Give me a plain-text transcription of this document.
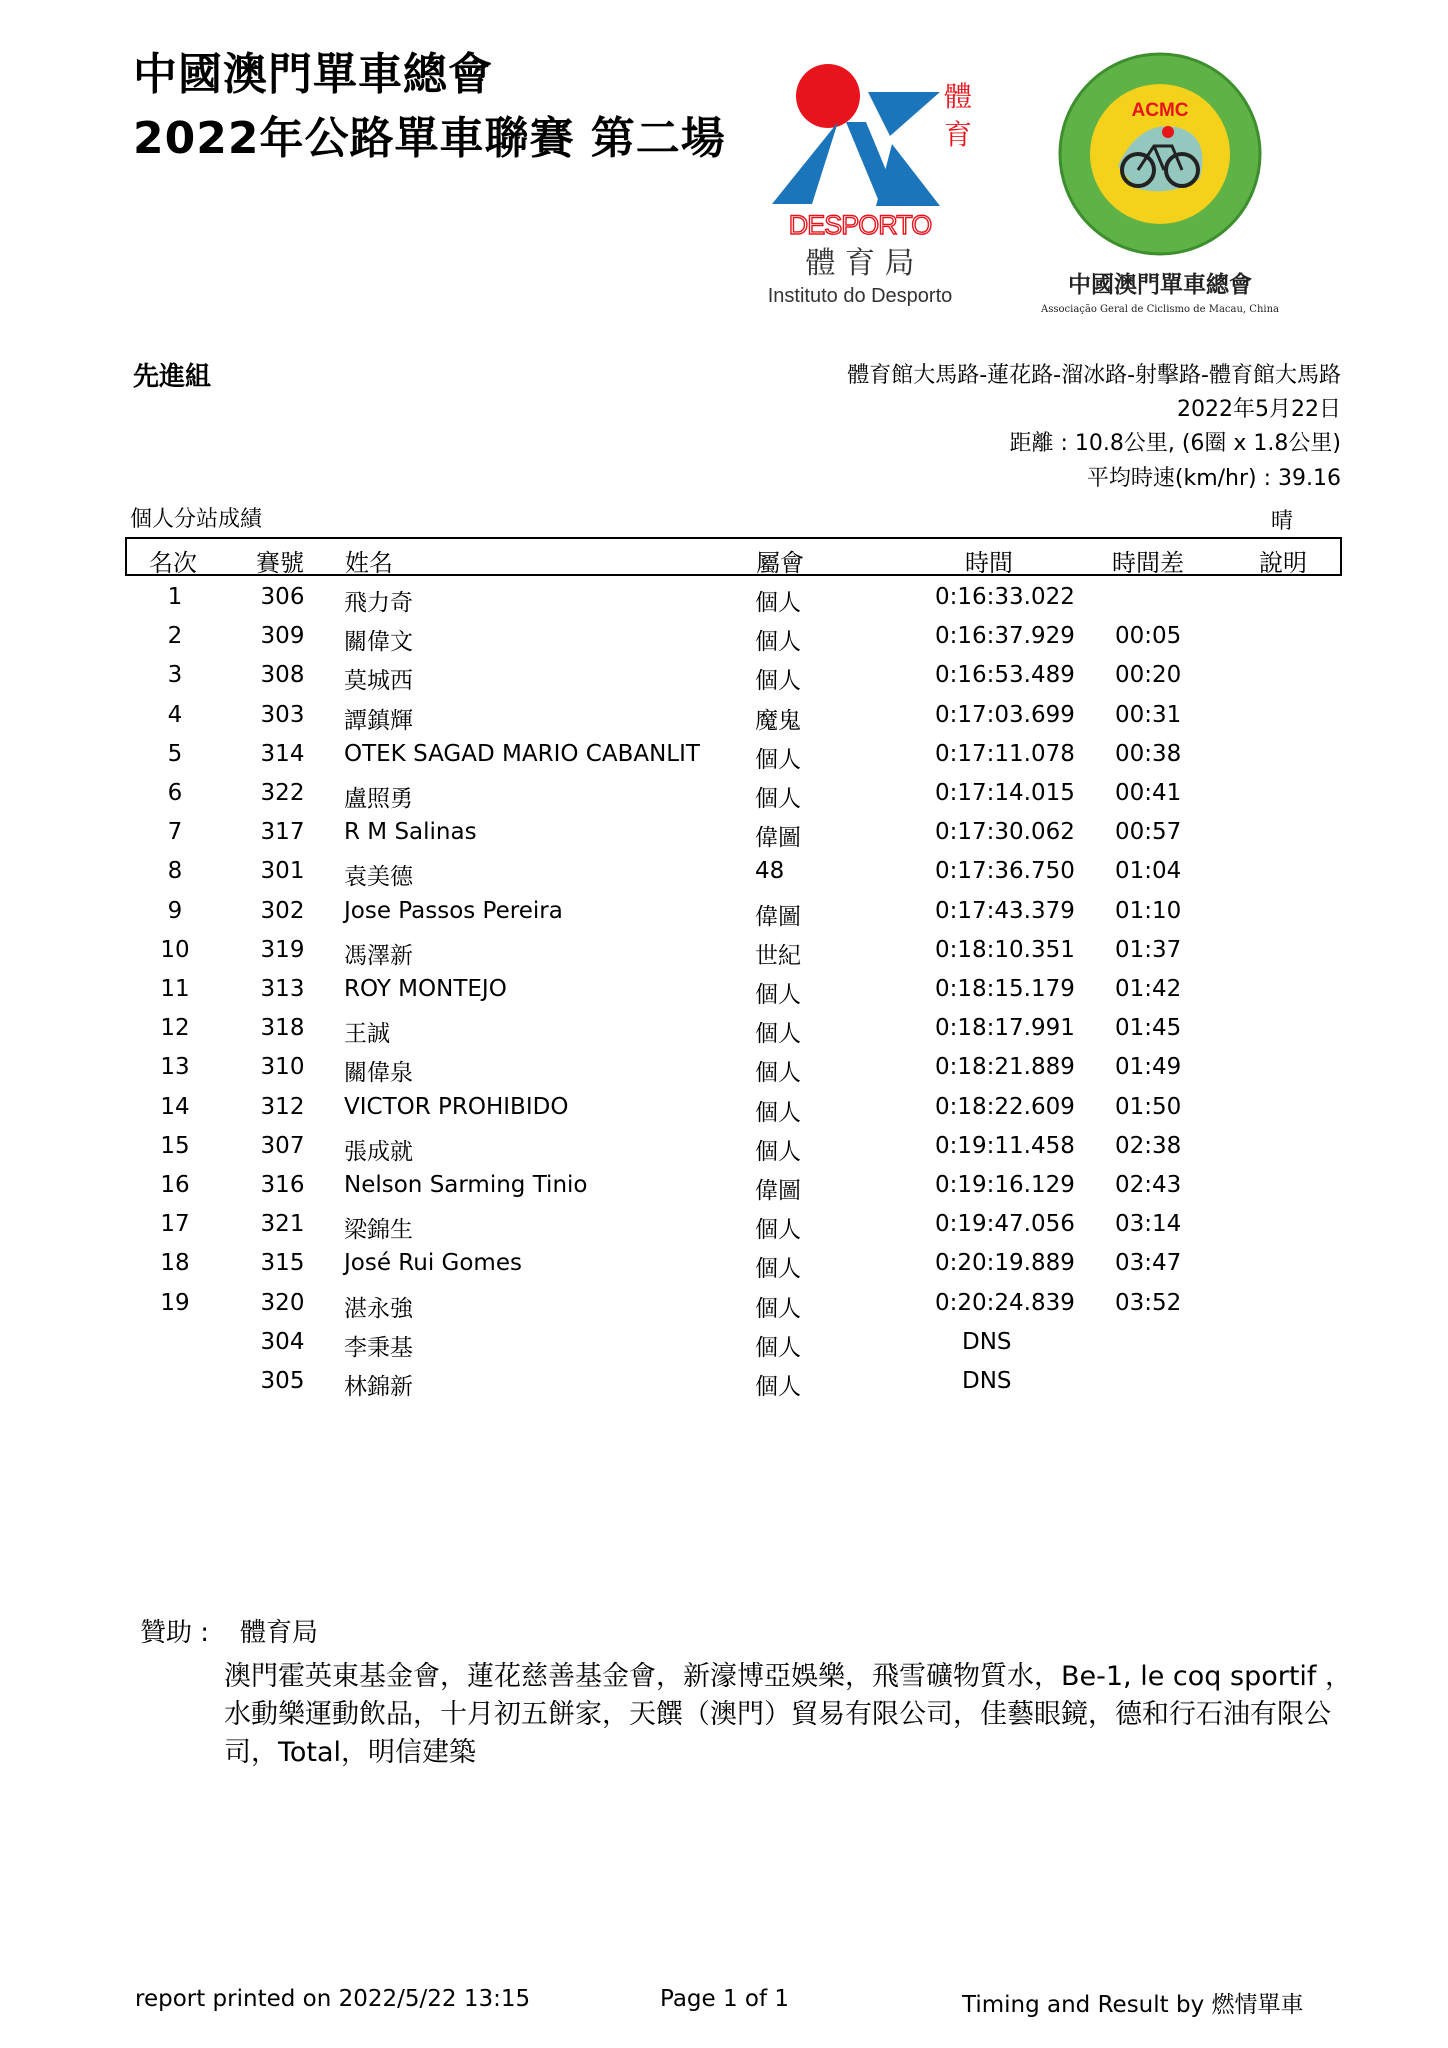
中國澳門單車總會
2022年公路單車聯賽 第二場
體
育
DESPORTO
體 育 局
Instituto do Desporto
ACMC
中國澳門單車總會
Associação Geral de Ciclismo de Macau, China
先進組	體育館大馬路-蓮花路-溜冰路-射擊路-體育館大馬路
2022年5月22日
距離 : 10.8公里, (6圈 x 1.8公里)
平均時速(km/hr) : 39.16
個人分站成績	晴
名次 賽號 姓名	屬會	時間	時間差	說明
1	306 飛力奇	個人	0:16:33.022
2	309 關偉文	個人	0:16:37.929 00:05
3	308 莫城西	個人	0:16:53.489 00:20
4	303 譚鎮輝	魔鬼	0:17:03.699 00:31
5	314 OTEK SAGAD MARIO CABANLIT 個人	0:17:11.078 00:38
6	322 盧照勇	個人	0:17:14.015 00:41
7	317 R M Salinas	偉圖	0:17:30.062 00:57
8	301 袁美德	48	0:17:36.750 01:04
9	302 Jose Passos Pereira	偉圖	0:17:43.379 01:10
10	319 馮澤新	世紀	0:18:10.351 01:37
11	313 ROY MONTEJO	個人	0:18:15.179 01:42
12	318 王誠	個人	0:18:17.991 01:45
13	310 關偉泉	個人	0:18:21.889 01:49
14	312 VICTOR PROHIBIDO	個人	0:18:22.609 01:50
15	307 張成就	個人	0:19:11.458 02:38
16	316 Nelson Sarming Tinio	偉圖	0:19:16.129 02:43
17	321 梁錦生	個人	0:19:47.056 03:14
18	315 José Rui Gomes	個人	0:20:19.889 03:47
19	320 湛永強	個人	0:20:24.839 03:52
304 李秉基	個人	DNS
305 林錦新	個人	DNS
贊助 : 體育局
澳門霍英東基金會，蓮花慈善基金會，新濠博亞娛樂，飛雪礦物質水，Be-1, le coq sportif ，
水動樂運動飲品，十月初五餅家，天饌（澳門）貿易有限公司，佳藝眼鏡，德和行石油有限公
司，Total，明信建築
report printed on 2022/5/22 13:15	Page 1 of 1	Timing and Result by 燃情單車
